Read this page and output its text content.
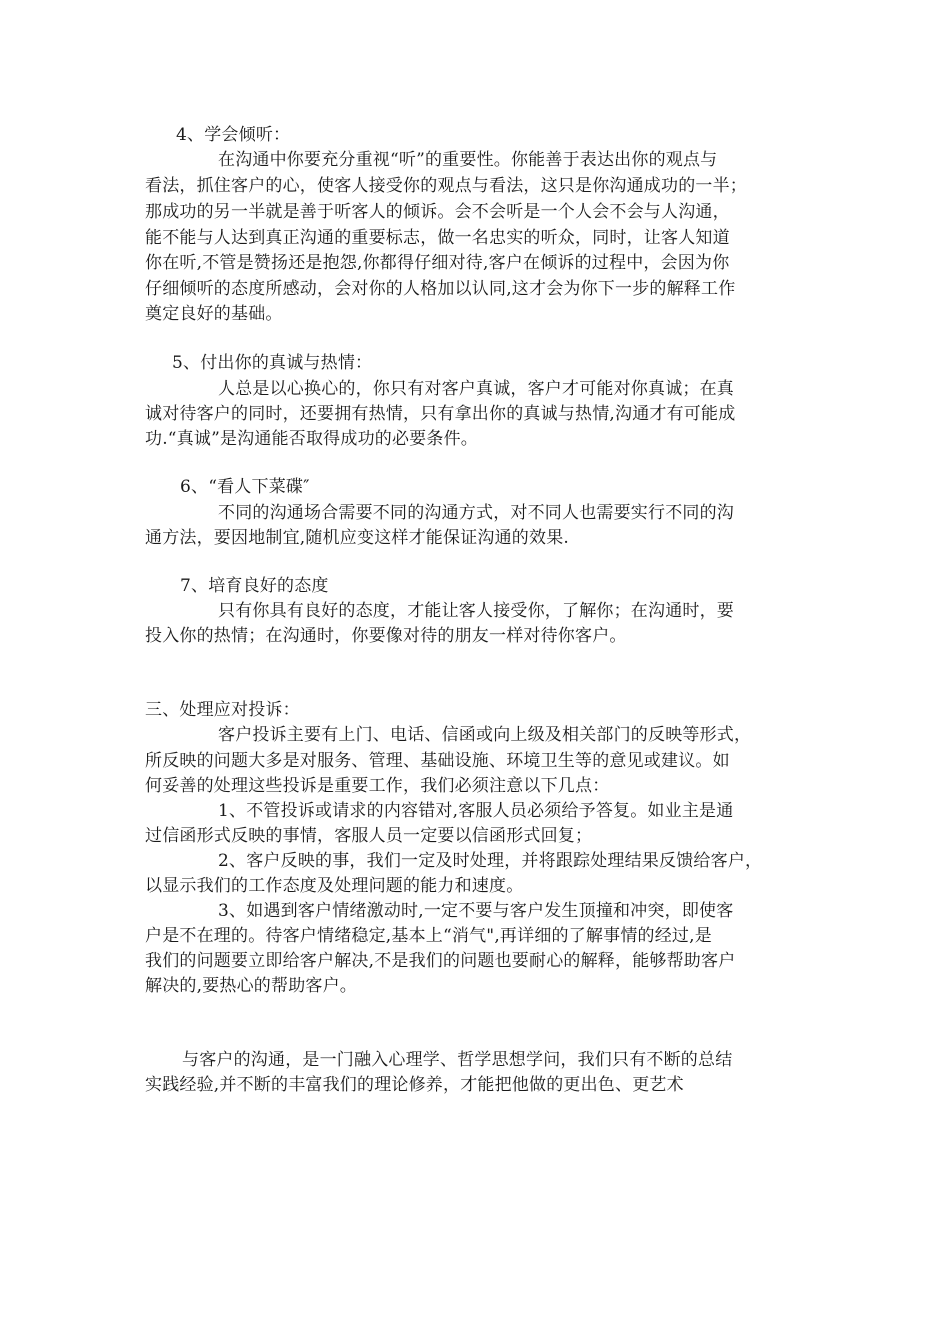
4、学会倾听：
在沟通中你要充分重视“听”的重要性。你能善于表达出你的观点与
看法，抓住客户的心，使客人接受你的观点与看法，这只是你沟通成功的一半；
那成功的另一半就是善于听客人的倾诉。会不会听是一个人会不会与人沟通，
能不能与人达到真正沟通的重要标志，做一名忠实的听众，同时，让客人知道
你在听,不管是赞扬还是抱怨,你都得仔细对待,客户在倾诉的过程中，会因为你
仔细倾听的态度所感动，会对你的人格加以认同,这才会为你下一步的解释工作
奠定良好的基础。
5、付出你的真诚与热情：
人总是以心换心的，你只有对客户真诚，客户才可能对你真诚；在真
诚对待客户的同时，还要拥有热情，只有拿出你的真诚与热情,沟通才有可能成
功.“真诚”是沟通能否取得成功的必要条件。
6、“看人下菜碟″
不同的沟通场合需要不同的沟通方式，对不同人也需要实行不同的沟
通方法，要因地制宜,随机应变这样才能保证沟通的效果.
7、培育良好的态度
只有你具有良好的态度，才能让客人接受你，了解你；在沟通时，要
投入你的热情；在沟通时，你要像对待的朋友一样对待你客户。
三、处理应对投诉：
客户投诉主要有上门、电话、信函或向上级及相关部门的反映等形式，
所反映的问题大多是对服务、管理、基础设施、环境卫生等的意见或建议。如
何妥善的处理这些投诉是重要工作，我们必须注意以下几点：
1、不管投诉或请求的内容错对,客服人员必须给予答复。如业主是通
过信函形式反映的事情，客服人员一定要以信函形式回复；
2、客户反映的事，我们一定及时处理，并将跟踪处理结果反馈给客户，
以显示我们的工作态度及处理问题的能力和速度。
3、如遇到客户情绪激动时,一定不要与客户发生顶撞和冲突，即使客
户是不在理的。待客户情绪稳定,基本上“消气",再详细的了解事情的经过,是
我们的问题要立即给客户解决,不是我们的问题也要耐心的解释，能够帮助客户
解决的,要热心的帮助客户。
与客户的沟通，是一门融入心理学、哲学思想学问，我们只有不断的总结
实践经验,并不断的丰富我们的理论修养，才能把他做的更出色、更艺术
